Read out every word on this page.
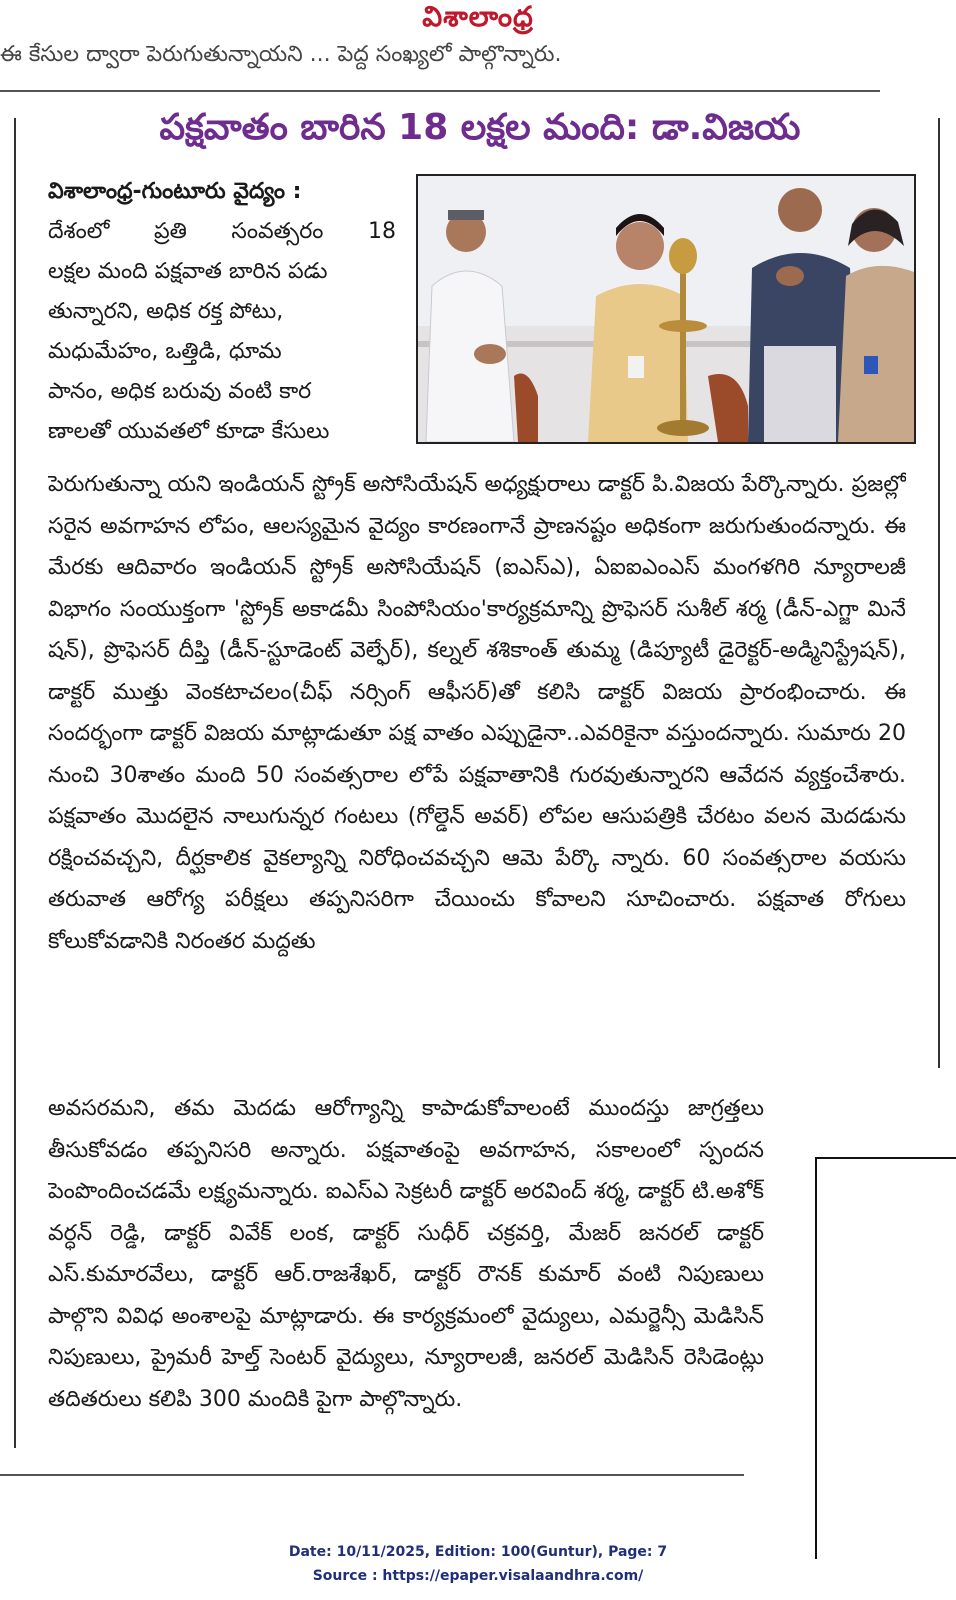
విశాలాంధ్ర
ఈ కేసుల ద్వారా పెరుగుతున్నాయని ... పెద్ద సంఖ్యలో పాల్గొన్నారు.
పక్షవాతం బారిన 18 లక్షల మంది: డా.విజయ
విశాలాంధ్ర-గుంటూరు వైద్యం :

దేశంలో ప్రతి సంవత్సరం 18

లక్షల మంది పక్షవాత బారిన పడు

తున్నారని, అధిక రక్త పోటు,

మధుమేహం, ఒత్తిడి, ధూమ

పానం, అధిక బరువు వంటి కార

ణాలతో యువతలో కూడా కేసులు

పెరుగుతున్నా యని ఇండియన్ స్ట్రోక్ అసోసియేషన్ అధ్యక్షురాలు డాక్టర్ పి.విజయ పేర్కొన్నారు. ప్రజల్లో సరైన అవగాహన లోపం, ఆలస్యమైన వైద్యం కారణంగానే ప్రాణనష్టం అధికంగా జరుగుతుందన్నారు. ఈ మేరకు ఆదివారం ఇండియన్ స్ట్రోక్ అసోసియేషన్ (ఐఎస్ఎ), ఏఐఐఎంఎస్ మంగళగిరి న్యూరాలజీ విభాగం సంయుక్తంగా 'స్ట్రోక్ అకాడమీ సింపోసియం'కార్యక్రమాన్ని ప్రొఫెసర్ సుశీల్ శర్మ (డీన్-ఎగ్జా మినే షన్), ప్రొఫెసర్ దీప్తి (డీన్-స్టూడెంట్ వెల్ఫేర్), కల్నల్ శశికాంత్ తుమ్మ (డిప్యూటీ డైరెక్టర్-అడ్మినిస్ట్రేషన్), డాక్టర్ ముత్తు వెంకటాచలం(చీఫ్ నర్సింగ్ ఆఫీసర్)తో కలిసి డాక్టర్ విజయ ప్రారంభించారు. ఈ సందర్భంగా డాక్టర్ విజయ మాట్లాడుతూ పక్ష వాతం ఎప్పుడైనా..ఎవరికైనా వస్తుందన్నారు. సుమారు 20 నుంచి 30శాతం మంది 50 సంవత్సరాల లోపే పక్షవాతానికి గురవుతున్నారని ఆవేదన వ్యక్తంచేశారు. పక్షవాతం మొదలైన నాలుగున్నర గంటలు (గోల్డెన్ అవర్) లోపల ఆసుపత్రికి చేరటం వలన మెదడును రక్షించవచ్చని, దీర్ఘకాలిక వైకల్యాన్ని నిరోధించవచ్చని ఆమె పేర్కొ న్నారు. 60 సంవత్సరాల వయసు తరువాత ఆరోగ్య పరీక్షలు తప్పనిసరిగా చేయించు కోవాలని సూచించారు. పక్షవాత రోగులు కోలుకోవడానికి నిరంతర మద్దతు

అవసరమని, తమ మెదడు ఆరోగ్యాన్ని కాపాడుకోవాలంటే ముందస్తు జాగ్రత్తలు తీసుకోవడం తప్పనిసరి అన్నారు. పక్షవాతంపై అవగాహన, సకాలంలో స్పందన పెంపొందించడమే లక్ష్యమన్నారు. ఐఎస్ఎ సెక్రటరీ డాక్టర్ అరవింద్ శర్మ, డాక్టర్ టి.అశోక్ వర్ధన్ రెడ్డి, డాక్టర్ వివేక్ లంక, డాక్టర్ సుధీర్ చక్రవర్తి, మేజర్ జనరల్ డాక్టర్ ఎస్.కుమారవేలు, డాక్టర్ ఆర్.రాజశేఖర్, డాక్టర్ రౌనక్ కుమార్ వంటి నిపుణులు పాల్గొని వివిధ అంశాలపై మాట్లాడారు. ఈ కార్యక్రమంలో వైద్యులు, ఎమర్జెన్సీ మెడిసిన్ నిపుణులు, ప్రైమరీ హెల్త్ సెంటర్ వైద్యులు, న్యూరాలజీ, జనరల్ మెడిసిన్ రెసిడెంట్లు తదితరులు కలిపి 300 మందికి పైగా పాల్గొన్నారు.

Date: 10/11/2025, Edition: 100(Guntur), Page: 7
Source : https://epaper.visalaandhra.com/
